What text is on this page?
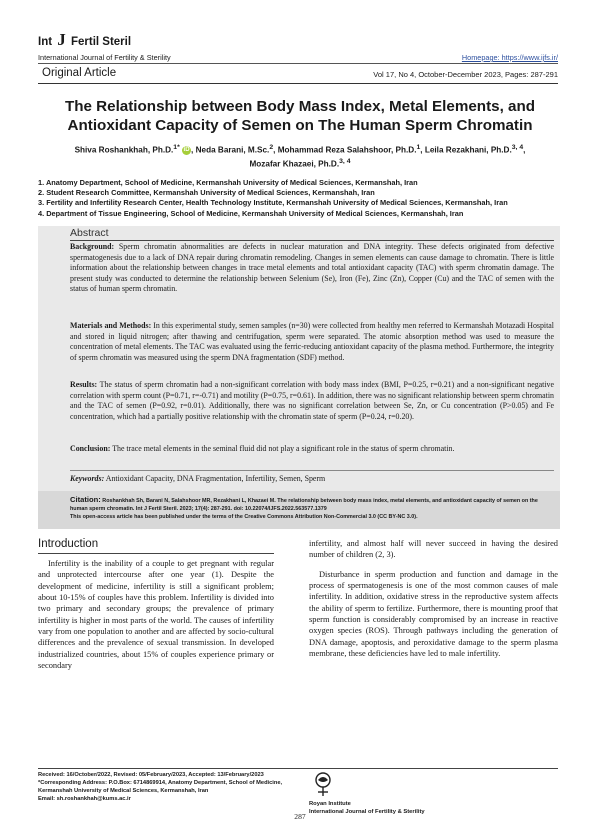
Int J Fertil Steril
International Journal of Fertility & Sterility	Homepage: https://www.ijfs.ir/
Original Article	Vol 17, No 4, October-December 2023, Pages: 287-291
The Relationship between Body Mass Index, Metal Elements, and
Antioxidant Capacity of Semen on The Human Sperm Chromatin
Shiva Roshankhah, Ph.D.$^{1*}$ iD , Neda Barani, M.Sc.$^2$, Mohammad Reza Salahshoor, Ph.D.$^1$, Leila Rezakhani, Ph.D.$^{3, 4}$,
Mozafar Khazaei, Ph.D.$^{3, 4}$
1. Anatomy Department, School of Medicine, Kermanshah University of Medical Sciences, Kermanshah, Iran
2. Student Research Committee, Kermanshah University of Medical Sciences, Kermanshah, Iran
3. Fertility and Infertility Research Center, Health Technology Institute, Kermanshah University of Medical Sciences, Kermanshah, Iran
4. Department of Tissue Engineering, School of Medicine, Kermanshah University of Medical Sciences, Kermanshah, Iran
Abstract
Background: Sperm chromatin abnormalities are defects in nuclear maturation and DNA integrity. These defects originated from defective spermatogenesis due to a lack of DNA repair during chromatin remodeling. Changes in semen elements can cause damage to chromatin. There is little information about the relationship between changes in trace metal elements and total antioxidant capacity (TAC) with sperm chromatin damage. The present study was conducted to determine the relationship between Selenium (Se), Iron (Fe), Zinc (Zn), Copper (Cu) and the TAC of semen with the status of human sperm chromatin.
Materials and Methods: In this experimental study, semen samples (n=30) were collected from healthy men referred to Kermanshah Motazadi Hospital and stored in liquid nitrogen; after thawing and centrifugation, sperm were separated. The atomic absorption method was used to measure the concentration of metal elements. The TAC was evaluated using the ferric-reducing antioxidant capacity of the plasma method. Furthermore, the integrity of sperm chromatin was measured using the sperm DNA fragmentation (SDF) method.
Results: The status of sperm chromatin had a non-significant correlation with body mass index (BMI, P=0.25, r=0.21) and a non-significant negative correlation with sperm count (P=0.71, r=-0.71) and motility (P=0.75, r=0.61). In addition, there was no significant relationship between sperm chromatin and the TAC of semen (P=0.92, r=0.01). Additionally, there was no significant correlation between Se, Zn, or Cu concentration (P>0.05) and Fe concentration, which had a partially positive relationship with the chromatin state of sperm (P=0.24, r=0.20).
Conclusion: The trace metal elements in the seminal fluid did not play a significant role in the status of sperm chromatin.
Keywords: Antioxidant Capacity, DNA Fragmentation, Infertility, Semen, Sperm
Citation: Roshankhah Sh, Barani N, Salahshoor MR, Rezakhani L, Khazaei M. The relationship between body mass index, metal elements, and antioxidant capacity of semen on the human sperm chromatin. Int J Fertil Steril. 2023; 17(4): 287-291. doi: 10.22074/IJFS.2022.563577.1379
This open-access article has been published under the terms of the Creative Commons Attribution Non-Commercial 3.0 (CC BY-NC 3.0).
Introduction

Infertility is the inability of a couple to get pregnant with regular and unprotected intercourse after one year (1). Despite the development of medicine, infertility is still a significant problem; about 10-15% of couples have this problem. Infertility is divided into two primary and secondary groups; the prevalence of primary infertility is higher in most parts of the world. The causes of infertility vary from one population to another and are affected by socio-cultural differences and the prevalence of sexual transmission. In developed industrialized countries, about 15% of couples experience primary or secondary

infertility, and almost half will never succeed in having the desired number of children (2, 3).

Disturbance in sperm production and function and damage in the process of spermatogenesis is one of the most common causes of male infertility. In addition, oxidative stress in the reproductive system affects the ability of sperm to fertilize. Furthermore, there is mounting proof that sperm function is considerably compromised by an increase in reactive oxygen species (ROS). Through pathways including the generation of DNA damage, apoptosis, and peroxidative damage to the sperm plasma membrane, these deficiencies have led to male infertility.

Received: 16/October/2022, Revised: 05/February/2023, Accepted: 13/February/2023

*Corresponding Address: P.O.Box: 6714869914, Anatomy Department, School of Medicine, Kermanshah University of Medical Sciences, Kermanshah, Iran

Email: sh.roshankhah@kums.ac.ir

Royan Institute
International Journal of Fertility & Sterility
287
